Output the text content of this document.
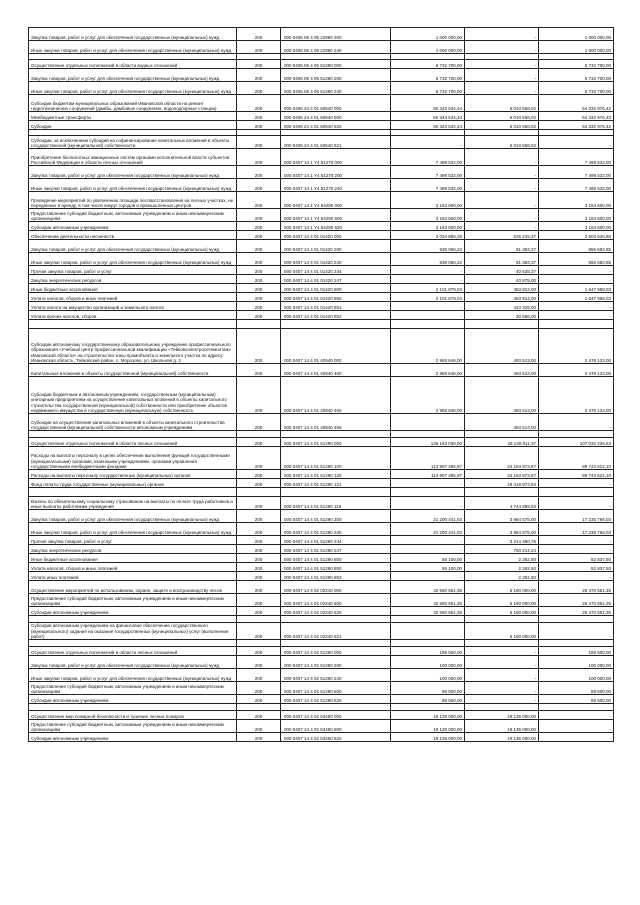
Закупка товаров, работ и услуг для обеспечения государственных (муниципальных) нужд	200	000 0406 06 4 05 22990 200	1 000 000,00	-	1 000 000,00
Иные закупки товаров, работ и услуг для обеспечения государственных (муниципальных) нужд	200	000 0406 06 4 05 22990 240	1 000 000,00	-	1 000 000,00

Осуществление отдельных полномочий в области водных отношений	200	000 0406 06 4 06 51280 000	5 732 700,00	-	5 732 700,00
Закупка товаров, работ и услуг для обеспечения государственных (муниципальных) нужд	200	000 0406 06 4 06 51280 200	5 732 700,00	-	5 732 700,00
Иные закупки товаров, работ и услуг для обеспечения государственных (муниципальных) нужд	200	000 0406 06 4 06 51280 240	5 732 700,00	-	5 732 700,00
Субсидии бюджетам муниципальных образований Ивановской области на ремонт гидротехнических сооружений (дамбы, дамбовые сооружения, водоподпорные станции)	200	000 0406 24 4 01 60540 000	60 343 534,44	6 010 558,02	54 332 976,42
Межбюджетные трансферты	200	000 0406 24 4 01 60540 500	60 343 534,44	6 010 558,02	54 332 976,42
Субсидии	200	000 0406 24 4 01 60540 520	60 343 534,44	6 010 558,02	54 332 976,42

Субсидии, за исключением субсидий на софинансирование капитальных вложений в объекты государственной (муниципальной) собственности	200	000 0406 24 4 01 60540 521	-	6 010 558,02	-
Приобретение беспилотных авиационных систем органами исполнительной власти субъектов Российской Федерации в области лесных отношений	200	000 0407 14 1 Y4 51270 000	7 499 532,00	-	7 499 532,00
Закупка товаров, работ и услуг для обеспечения государственных (муниципальных) нужд	200	000 0407 14 1 Y4 51270 200	7 499 532,00	-	7 499 532,00
Иные закупки товаров, работ и услуг для обеспечения государственных (муниципальных) нужд	200	000 0407 14 1 Y4 51270 240	7 499 532,00	-	7 499 532,00
Проведение мероприятий по увеличению площади лесовосстановления на лесных участках, не переданных в аренду, в том числе вокруг городов и промышленных центров	200	000 0407 14 1 Y4 54290 000	3 163 600,00	-	3 163 600,00
Предоставление субсидий бюджетным, автономным учреждениям и иным некоммерческим организациям	200	000 0407 14 1 Y4 54290 600	3 163 600,00	-	3 163 600,00
Субсидии автономным учреждениям	200	000 0407 14 1 Y4 54290 620	3 163 600,00	-	3 163 600,00
Обеспечение деятельности лесничеств	200	000 0407 14 4 01 01420 000	3 034 855,25	535 215,37	2 503 640,88
Закупка товаров, работ и услуг для обеспечения государственных (муниципальных) нужд	200	000 0407 14 4 01 01420 200	938 066,22	81 383,37	856 682,85
Иные закупки товаров, работ и услуг для обеспечения государственных (муниципальных) нужд	200	000 0407 14 4 01 01420 240	938 066,22	81 383,37	856 682,85
Прочая закупка товаров, работ и услуг	200	000 0407 14 4 01 01420 244	-	40 628,37	-
Закупка энергетических ресурсов	200	000 0407 14 4 01 01420 247	-	40 875,00	-
Иные бюджетные ассигнования	200	000 0407 14 4 01 01420 800	2 101 879,03	453 912,00	1 647 958,03
Уплата налогов, сборов и иных платежей	200	000 0407 14 4 01 01420 850	2 101 879,03	453 912,00	1 647 958,03
Уплата налога на имущество организаций и земельного налога	200	000 0407 14 4 01 01420 851	-	423 325,00	-
Уплата прочих налогов, сборов	200	000 0407 14 4 01 01420 852	-	30 586,00	-

Субсидии автономному государственному образовательному учреждению профессионального образования «Учебный центр профессиональной квалификации «Тейковоэлектросетемонтаж» Ивановской области» на строительство зоны промобъекта и земельного участка по адресу: Ивановская область, Тейковский район, с. Морозово, ул. Школьная д. 2	200	000 0407 14 4 01 40940 000	2 969 646,00	493 513,00	2 476 133,00
Капитальные вложения в объекты государственной (муниципальной) собственности	200	000 0407 14 4 01 40940 400	2 969 646,00	493 513,00	2 476 133,00
Субсидии бюджетным и автономным учреждениям, государственным (муниципальным) унитарным предприятиям на осуществление капитальных вложений в объекты капитального строительства государственной (муниципальной) собственности или приобретение объектов недвижимого имущества в государственную (муниципальную) собственность	200	000 0407 14 4 01 40940 460	2 969 646,00	493 513,00	2 476 133,00
Субсидии на осуществление капитальных вложений в объекты капитального строительства государственной (муниципальной) собственности автономным учреждениям	200	000 0407 14 4 01 40940 465	-	493 513,00	-

Осуществление отдельных полномочий в области лесных отношений	200	000 0407 14 4 01 51290 000	136 163 038,00	28 130 811,37	107 032 226,63
Расходы на выплаты персоналу в целях обеспечения выполнения функций государственными (муниципальными) органами, казенными учреждениями, органами управления государственными внебюджетными фондами	200	000 0407 14 4 01 51290 100	113 907 495,97	24 163 873,87	89 743 622,10
Расходы на выплаты персоналу государственных (муниципальных) органов	200	000 0407 14 4 01 51290 120	113 907 495,97	24 163 873,87	89 743 622,10
Фонд оплаты труда государственных (муниципальных) органов	200	000 0407 14 4 01 51290 121	-	19 418 973,94	-

Взносы по обязательному социальному страхованию на выплаты по оплате труда работников и иные выплаты работникам учреждений	200	000 0407 14 4 01 51290 119	-	4 744 899,93	-
Закупка товаров, работ и услуг для обеспечения государственных (муниципальных) нужд	200	000 0407 14 4 01 51290 200	21 200 441,03	3 964 675,00	17 235 766,03
Иные закупки товаров, работ и услуг для обеспечения государственных (муниципальных) нужд	200	000 0407 14 4 01 51290 240	21 200 441,03	3 964 675,00	17 235 766,03
Прочая закупка товаров, работ и услуг	200	000 0407 14 4 01 51290 244	-	3 214 460,76	-
Закупка энергетических ресурсов	200	000 0407 14 4 01 51290 247	-	750 214,24	-
Иные бюджетные ассигнования	200	000 0407 14 4 01 51290 800	55 100,00	2 262,50	52 837,50
Уплата налогов, сборов и иных платежей	200	000 0407 14 4 01 51290 850	55 100,00	2 262,50	52 837,50
Уплата иных платежей	200	000 0407 14 4 01 51290 853	-	2 262,50	-
Осуществление мероприятий по использованию, охране, защите и воспроизводству лесов	200	000 0407 14 4 02 02240 000	32 660 551,35	6 190 000,00	26 470 551,35
Предоставление субсидий бюджетным, автономным учреждениям и иным некоммерческим организациям	200	000 0407 14 4 02 02240 600	32 660 551,35	6 190 000,00	26 470 551,35
Субсидии автономным учреждениям	200	000 0407 14 4 02 02240 620	32 660 551,35	6 190 000,00	26 470 551,35

Субсидии автономным учреждениям на финансовое обеспечение государственного (муниципального) задания на оказание государственных (муниципальных) услуг (выполнение работ)	200	000 0407 14 4 02 02240 621	-	6 190 000,00	-

Осуществление отдельных полномочий в области лесных отношений	200	000 0407 14 4 02 51290 000	189 500,00	-	189 500,00
Закупка товаров, работ и услуг для обеспечения государственных (муниципальных) нужд	200	000 0407 14 4 02 51290 200	100 000,00	-	100 000,00
Иные закупки товаров, работ и услуг для обеспечения государственных (муниципальных) нужд	200	000 0407 14 4 02 51290 240	100 000,00	-	100 000,00
Предоставление субсидий бюджетным, автономным учреждениям и иным некоммерческим организациям	200	000 0407 14 4 02 51290 600	89 500,00	-	89 500,00
Субсидии автономным учреждениям	200	000 0407 14 4 02 51290 620	89 500,00	-	89 500,00

Осуществление мер пожарной безопасности и тушение лесных пожаров	200	000 0407 14 4 02 53450 000	19 135 000,00	19 135 000,00	-
Предоставление субсидий бюджетным, автономным учреждениям и иным некоммерческим организациям	200	000 0407 14 4 02 53450 600	19 135 000,00	19 135 000,00	-
Субсидии автономным учреждениям	200	000 0407 14 4 02 53450 620	19 135 000,00	19 135 000,00	-
